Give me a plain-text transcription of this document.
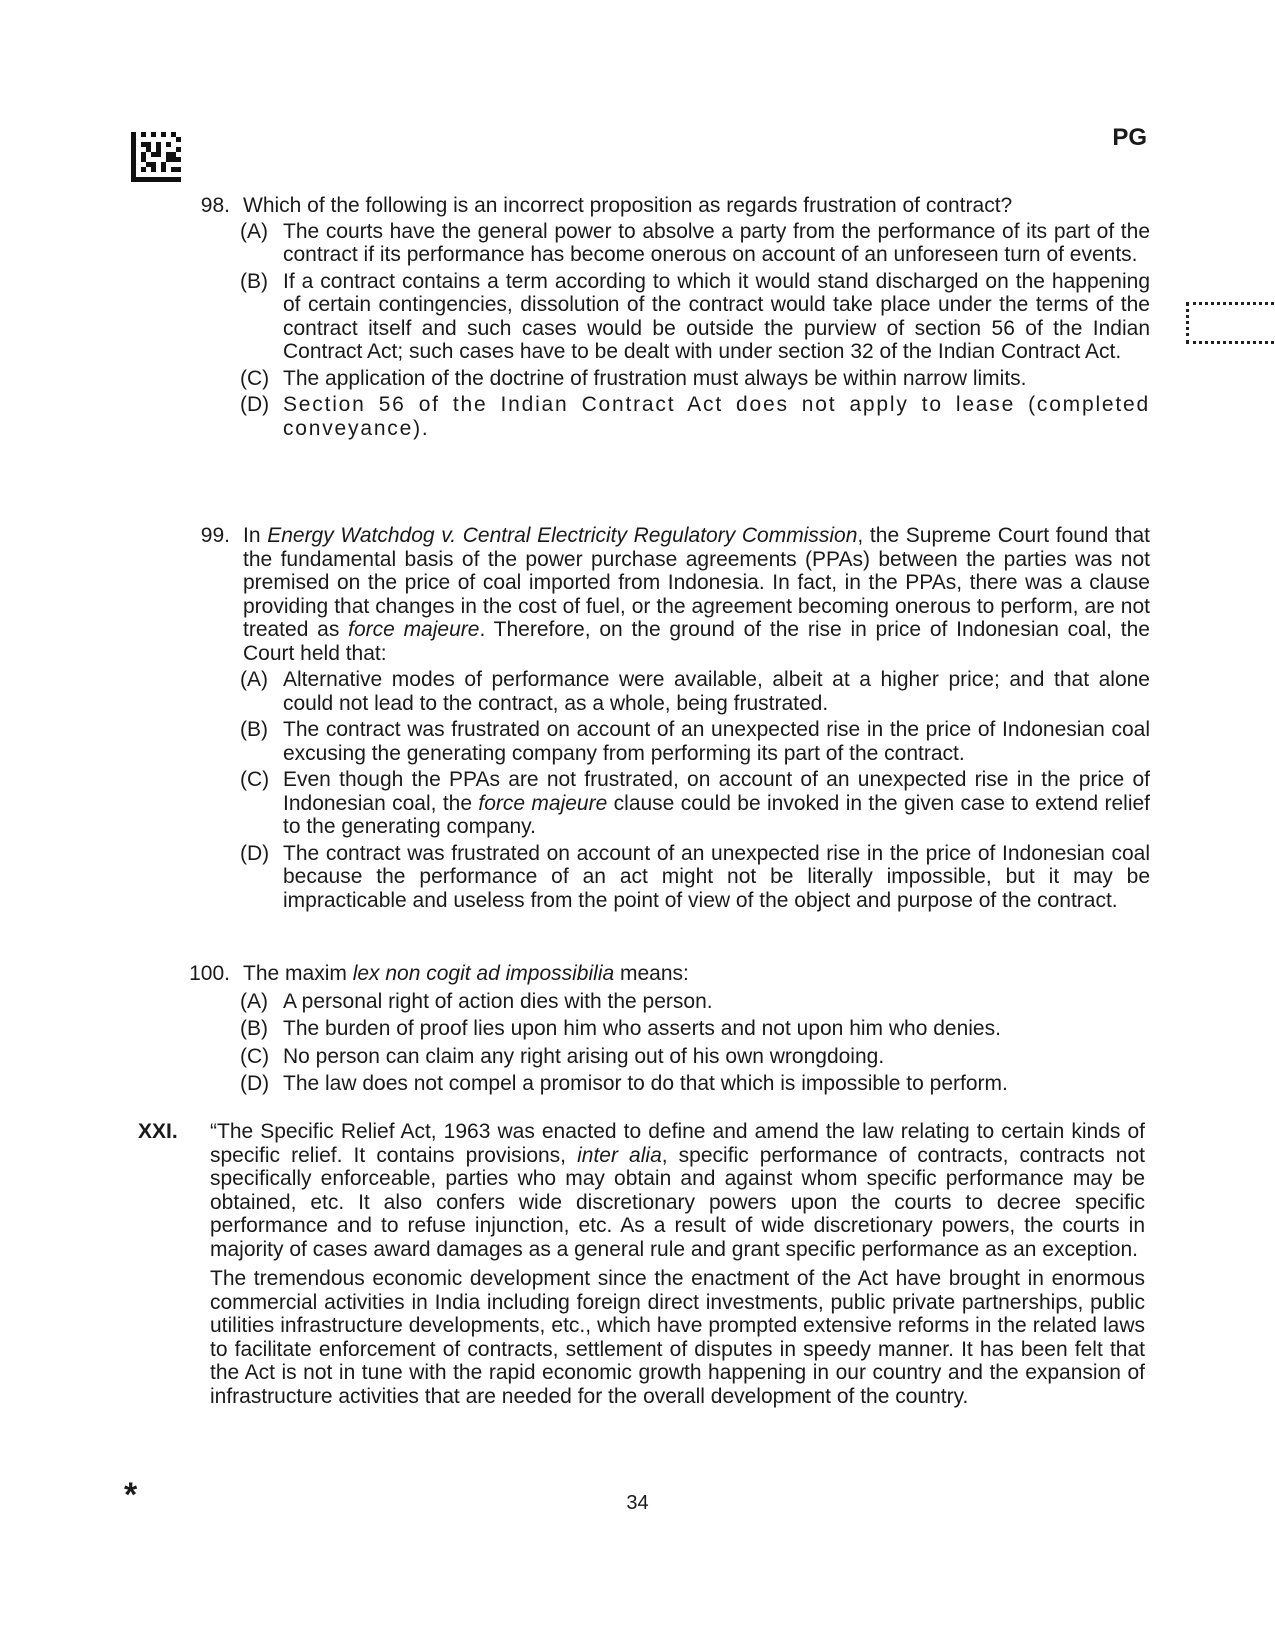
PG
98. Which of the following is an incorrect proposition as regards frustration of contract?
(A) The courts have the general power to absolve a party from the performance of its part of the contract if its performance has become onerous on account of an unforeseen turn of events.
(B) If a contract contains a term according to which it would stand discharged on the happening of certain contingencies, dissolution of the contract would take place under the terms of the contract itself and such cases would be outside the purview of section 56 of the Indian Contract Act; such cases have to be dealt with under section 32 of the Indian Contract Act.
(C) The application of the doctrine of frustration must always be within narrow limits.
(D) Section 56 of the Indian Contract Act does not apply to lease (completed conveyance).
99. In Energy Watchdog v. Central Electricity Regulatory Commission, the Supreme Court found that the fundamental basis of the power purchase agreements (PPAs) between the parties was not premised on the price of coal imported from Indonesia. In fact, in the PPAs, there was a clause providing that changes in the cost of fuel, or the agreement becoming onerous to perform, are not treated as force majeure. Therefore, on the ground of the rise in price of Indonesian coal, the Court held that:
(A) Alternative modes of performance were available, albeit at a higher price; and that alone could not lead to the contract, as a whole, being frustrated.
(B) The contract was frustrated on account of an unexpected rise in the price of Indonesian coal excusing the generating company from performing its part of the contract.
(C) Even though the PPAs are not frustrated, on account of an unexpected rise in the price of Indonesian coal, the force majeure clause could be invoked in the given case to extend relief to the generating company.
(D) The contract was frustrated on account of an unexpected rise in the price of Indonesian coal because the performance of an act might not be literally impossible, but it may be impracticable and useless from the point of view of the object and purpose of the contract.
100. The maxim lex non cogit ad impossibilia means:
(A) A personal right of action dies with the person.
(B) The burden of proof lies upon him who asserts and not upon him who denies.
(C) No person can claim any right arising out of his own wrongdoing.
(D) The law does not compel a promisor to do that which is impossible to perform.
XXI. “The Specific Relief Act, 1963 was enacted to define and amend the law relating to certain kinds of specific relief. It contains provisions, inter alia, specific performance of contracts, contracts not specifically enforceable, parties who may obtain and against whom specific performance may be obtained, etc. It also confers wide discretionary powers upon the courts to decree specific performance and to refuse injunction, etc. As a result of wide discretionary powers, the courts in majority of cases award damages as a general rule and grant specific performance as an exception.
The tremendous economic development since the enactment of the Act have brought in enormous commercial activities in India including foreign direct investments, public private partnerships, public utilities infrastructure developments, etc., which have prompted extensive reforms in the related laws to facilitate enforcement of contracts, settlement of disputes in speedy manner. It has been felt that the Act is not in tune with the rapid economic growth happening in our country and the expansion of infrastructure activities that are needed for the overall development of the country.
*	34
